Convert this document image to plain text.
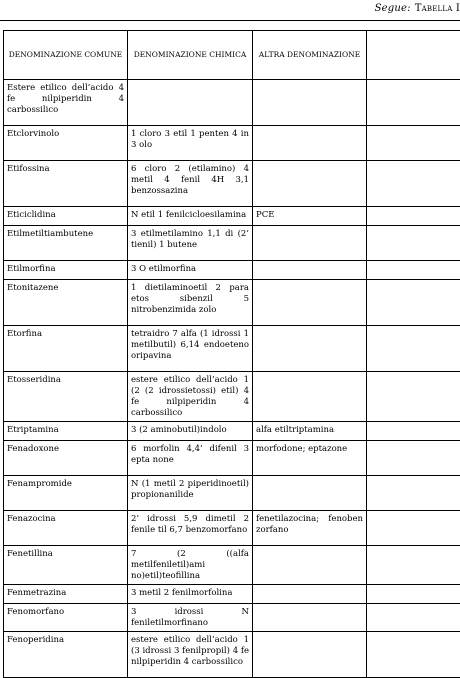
Segue: Tabella I
DENOMINAZIONE COMUNE	DENOMINAZIONE CHIMICA	ALTRA DENOMINAZIONE	
Estere etilico dell’acido 4 fe nilpiperidin 4 carbossilico			
Etclorvinolo	1 cloro 3 etil 1 penten 4 in 3 olo		
Etifossina	6 cloro 2 (etilamino) 4 metil 4 fenil 4H 3,1 benzossazina		
Eticiclidina	N etil 1 fenilcicloesilamina	PCE	
Etilmetiltiambutene	3 etilmetilamino 1,1 di (2’ tienil) 1 butene		
Etilmorfina	3 O etilmorfina		
Etonitazene	1 dietilaminoetil 2 para etos sibenzil 5 nitrobenzimida zolo		
Etorfina	tetraidro 7 alfa (1 idrossi 1 metilbutil) 6,14 endoeteno oripavina		
Etosseridina	estere etilico dell’acido 1 (2 (2 idrossietossi) etil) 4 fe nilpiperidin 4 carbossilico		
Etriptamina	3 (2 aminobutil)indolo	alfa etiltriptamina	
Fenadoxone	6 morfolin 4,4’ difenil 3 epta none	morfodone; eptazone	
Fenampromide	N (1 metil 2 piperidinoetil) propionanilide		
Fenazocina	2’ idrossi 5,9 dimetil 2 fenile til 6,7 benzomorfano	fenetilazocina; fenoben zorfano	
Fenetillina	7 (2 ((alfa metilfeniletil)ami no)etil)teofillina		
Fenmetrazina	3 metil 2 fenilmorfolina		
Fenomorfano	3 idrossi N feniletilmorfinano		
Fenoperidina	estere etilico dell’acido 1 (3 idrossi 3 fenilpropil) 4 fe nilpiperidin 4 carbossilico		
